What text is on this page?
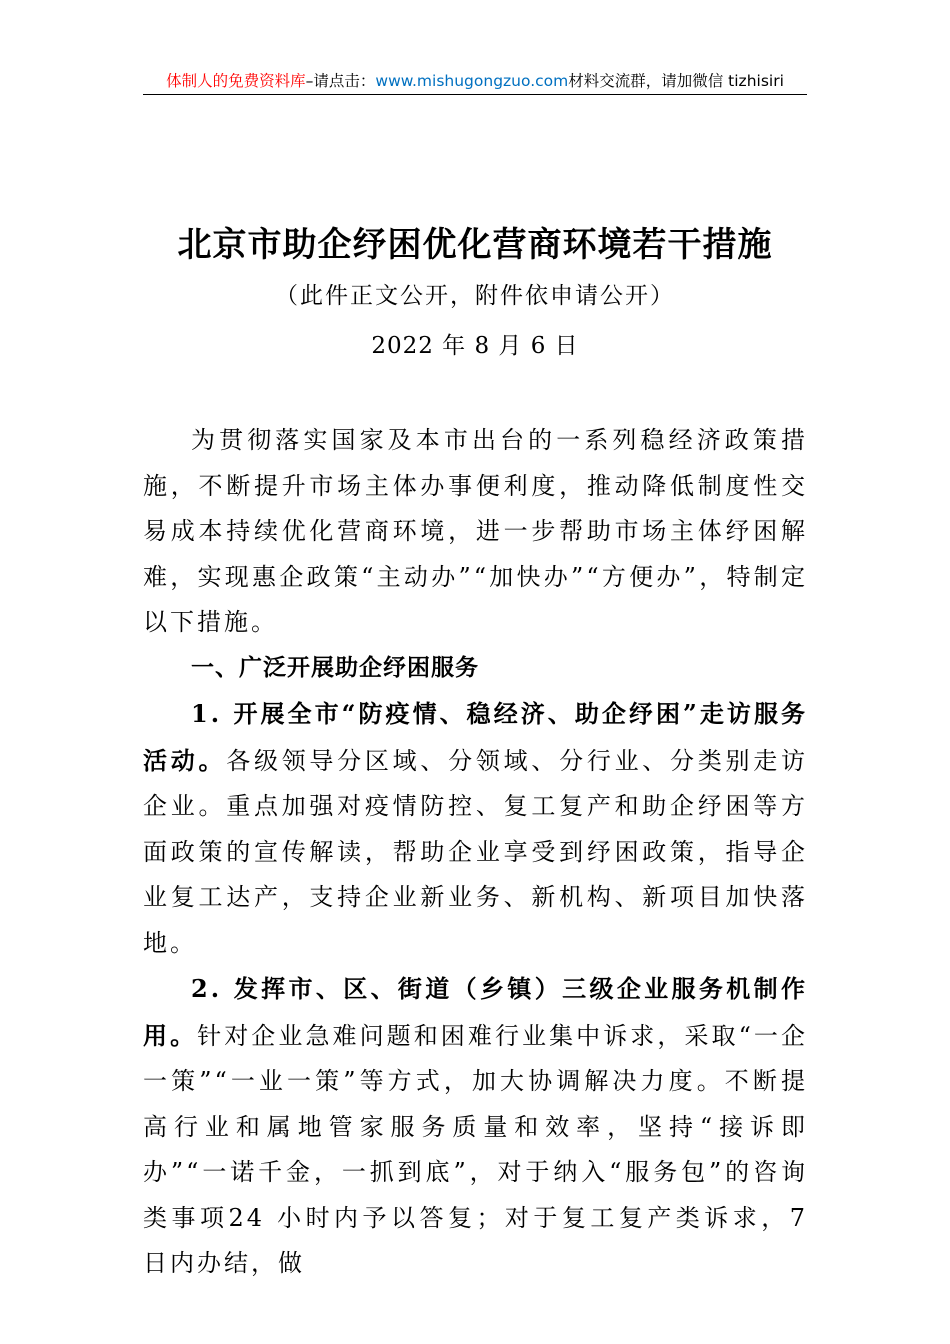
体制人的免费资料库–请点击：www.mishugongzuo.com材料交流群，请加微信 tizhisiri
北京市助企纾困优化营商环境若干措施
（此件正文公开，附件依申请公开）
2022 年 8 月 6 日

为贯彻落实国家及本市出台的一系列稳经济政策措施，不断提升市场主体办事便利度，推动降低制度性交易成本持续优化营商环境，进一步帮助市场主体纾困解难，实现惠企政策“主动办”“加快办”“方便办”，特制定以下措施。

一、广泛开展助企纾困服务

1. 开展全市“防疫情、稳经济、助企纾困”走访服务活动。各级领导分区域、分领域、分行业、分类别走访企业。重点加强对疫情防控、复工复产和助企纾困等方面政策的宣传解读，帮助企业享受到纾困政策，指导企业复工达产，支持企业新业务、新机构、新项目加快落地。

2. 发挥市、区、街道（乡镇）三级企业服务机制作用。针对企业急难问题和困难行业集中诉求，采取“一企一策”“一业一策”等方式，加大协调解决力度。不断提高行业和属地管家服务质量和效率，坚持“接诉即办”“一诺千金，一抓到底”，对于纳入“服务包”的咨询类事项24 小时内予以答复；对于复工复产类诉求，7 日内办结，做
